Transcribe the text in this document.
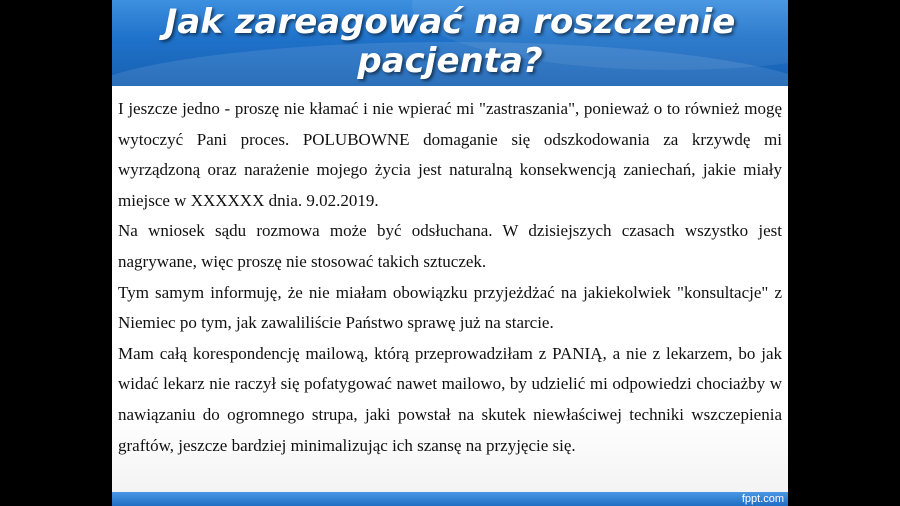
Jak zareagować na roszczenie pacjenta?

I jeszcze jedno - proszę nie kłamać i nie wpierać mi "zastraszania", ponieważ o to również mogę wytoczyć Pani proces. POLUBOWNE domaganie się odszkodowania za krzywdę mi wyrządzoną oraz narażenie mojego życia jest naturalną konsekwencją zaniechań, jakie miały miejsce w XXXXXX dnia. 9.02.2019.

Na wniosek sądu rozmowa może być odsłuchana. W dzisiejszych czasach wszystko jest nagrywane, więc proszę nie stosować takich sztuczek.

Tym samym informuję, że nie miałam obowiązku przyjeżdżać na jakiekolwiek "konsultacje" z Niemiec po tym, jak zawaliliście Państwo sprawę już na starcie.

Mam całą korespondencję mailową, którą przeprowadziłam z PANIĄ, a nie z lekarzem, bo jak widać lekarz nie raczył się pofatygować nawet mailowo, by udzielić mi odpowiedzi chociażby w nawiązaniu do ogromnego strupa, jaki powstał na skutek niewłaściwej techniki wszczepienia graftów, jeszcze bardziej minimalizując ich szansę na przyjęcie się.

fppt.com
